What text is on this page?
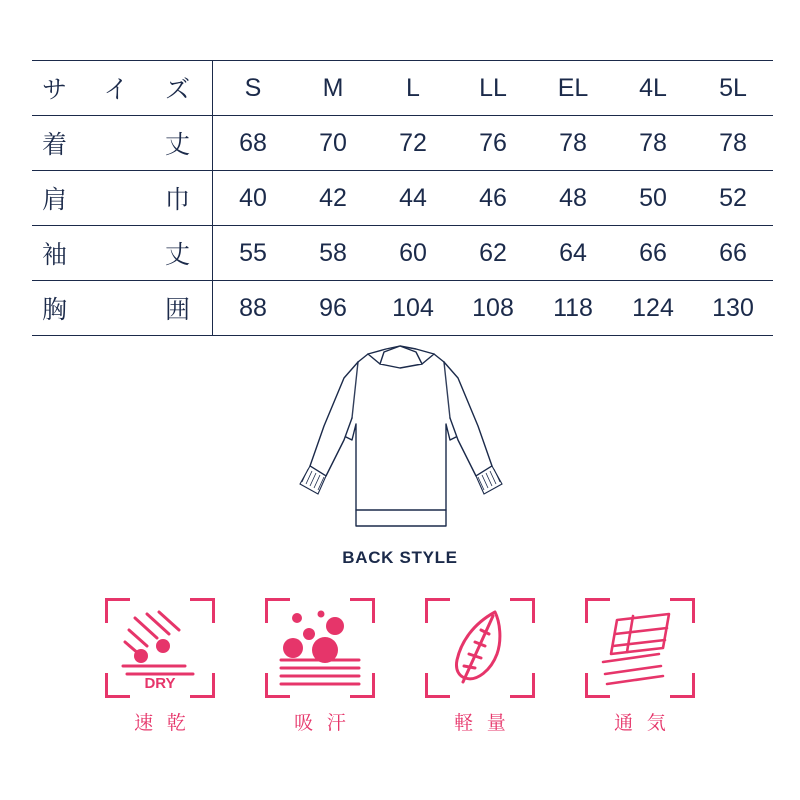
サ イ ズ	S	M	L	LL	EL	4L	5L
着 丈	68	70	72	76	78	78	78
肩 巾	40	42	44	46	48	50	52
袖 丈	55	58	60	62	64	66	66
胸 囲	88	96	104	108	118	124	130
BACK STYLE
DRY
速 乾	吸 汗	軽 量	通 気
